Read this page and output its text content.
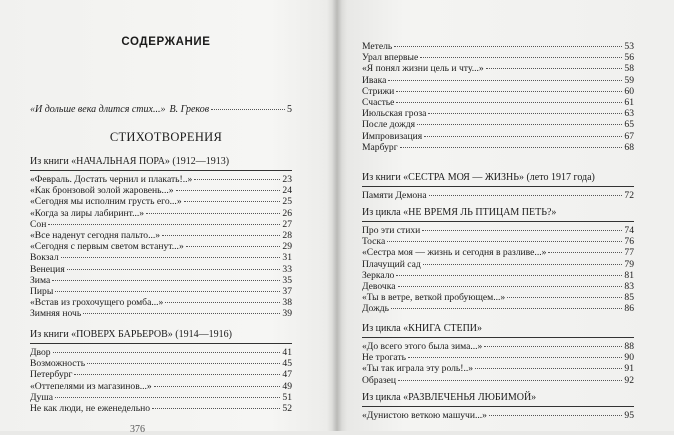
СОДЕРЖАНИЕ
«И дольше века длится стих...» В. Греков	5
СТИХОТВОРЕНИЯ
Из книги «НАЧАЛЬНАЯ ПОРА» (1912—1913)
«Февраль. Достать чернил и плакать!..»	23
«Как бронзовой золой жаровень...»	24
«Сегодня мы исполним грусть его...»	25
«Когда за лиры лабиринт...»	26
Сон	27
«Все наденут сегодня пальто...»	28
«Сегодня с первым светом встанут...»	29
Вокзал	31
Венеция	33
Зима	35
Пиры	37
«Встав из грохочущего ромба...»	38
Зимняя ночь	39
Из книги «ПОВЕРХ БАРЬЕРОВ» (1914—1916)
Двор	41
Возможность	45
Петербург	47
«Оттепелями из магазинов...»	49
Душа	51
Не как люди, не еженедельно	52
376
Метель	53
Урал впервые	56
«Я понял жизни цель и чту...»	58
Ивака	59
Стрижи	60
Счастье	61
Июльская гроза	63
После дождя	65
Импровизация	67
Марбург	68
Из книги «СЕСТРА МОЯ — ЖИЗНЬ» (лето 1917 года)
Памяти Демона	72
Из цикла «НЕ ВРЕМЯ ЛЬ ПТИЦАМ ПЕТЬ?»
Про эти стихи	74
Тоска	76
«Сестра моя — жизнь и сегодня в разливе...»	77
Плачущий сад	79
Зеркало	81
Девочка	83
«Ты в ветре, веткой пробующем...»	85
Дождь	86
Из цикла «КНИГА СТЕПИ»
«До всего этого была зима...»	88
Не трогать	90
«Ты так играла эту роль!..»	91
Образец	92
Из цикла «РАЗВЛЕЧЕНЬЯ ЛЮБИМОЙ»
«Дунистою веткою машучи...»	95
